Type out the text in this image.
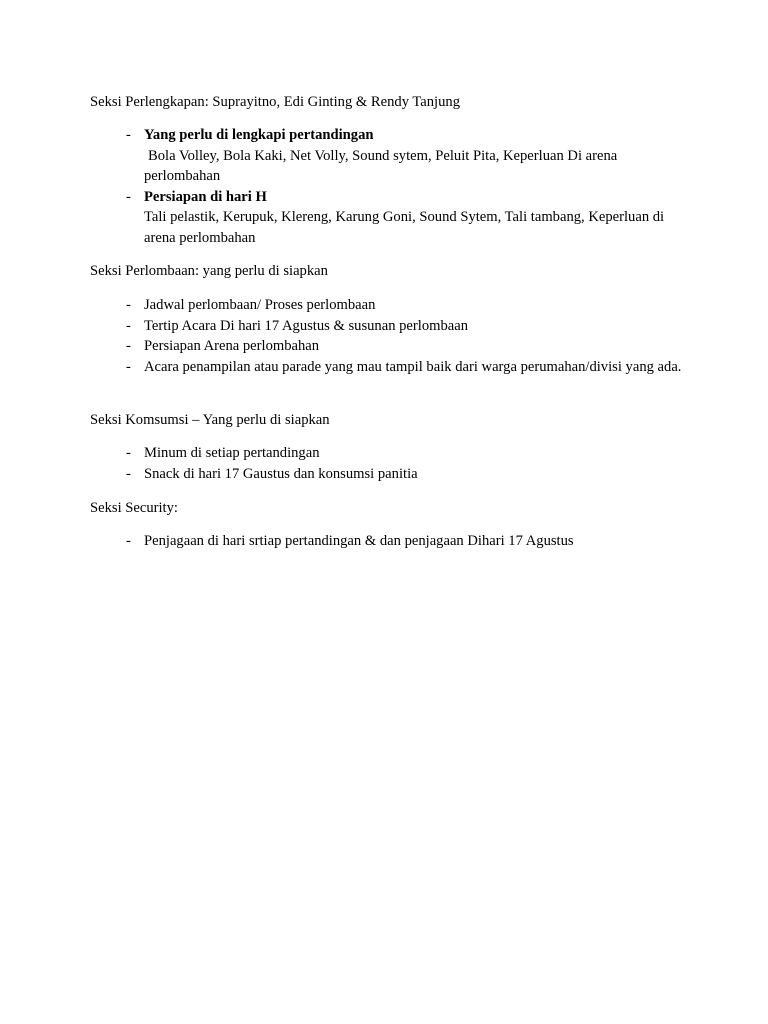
Seksi Perlengkapan: Suprayitno, Edi Ginting & Rendy Tanjung

- Yang perlu di lengkapi pertandingan
Bola Volley, Bola Kaki, Net Volly, Sound sytem, Peluit Pita, Keperluan Di arena perlombahan
- Persiapan di hari H
Tali pelastik, Kerupuk, Klereng, Karung Goni, Sound Sytem, Tali tambang, Keperluan di arena perlombahan

Seksi Perlombaan: yang perlu di siapkan

- Jadwal perlombaan/ Proses perlombaan
- Tertip Acara Di hari 17 Agustus & susunan perlombaan
- Persiapan Arena perlombahan
- Acara penampilan atau parade yang mau tampil baik dari warga perumahan/divisi yang ada.

Seksi Komsumsi – Yang perlu di siapkan

- Minum di setiap pertandingan
- Snack di hari 17 Gaustus dan konsumsi panitia

Seksi Security:

- Penjagaan di hari srtiap pertandingan & dan penjagaan Dihari 17 Agustus
